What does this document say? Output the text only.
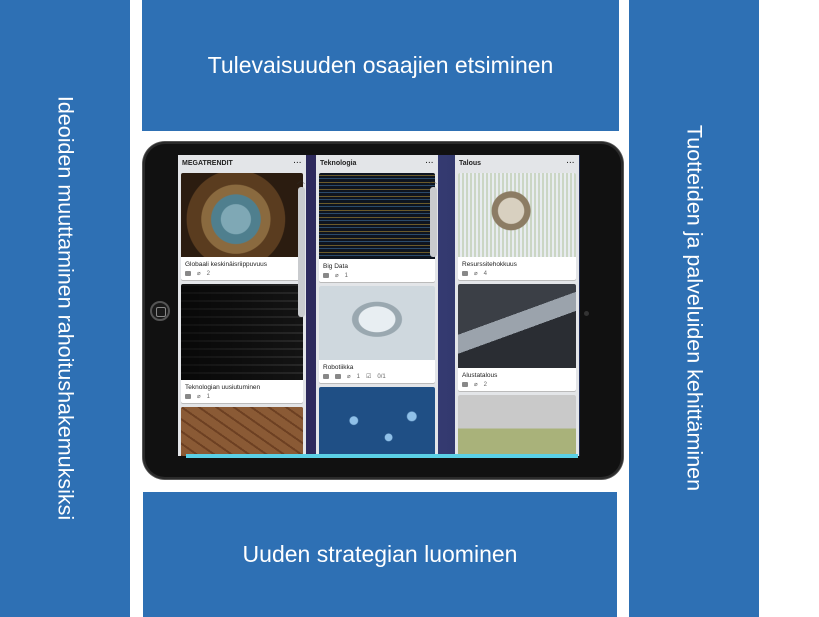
Ideoiden muuttaminen rahoitushakemuksiksi	Tuotteiden ja palveluiden kehittäminen
Tulevaisuuden osaajien etsiminen
Uuden strategian luominen
MEGATRENDIT	···
Globaali keskinäisriippuvuus
⌀ 2
Teknologian uusiutuminen
⌀ 1
︿
Teknologia	···
Big Data
⌀ 1
Robotiikka
⌀ 1 ☑ 0/1
︿
Talous	···
Resurssitehokkuus
⌀ 4
Alustatalous
⌀ 2
